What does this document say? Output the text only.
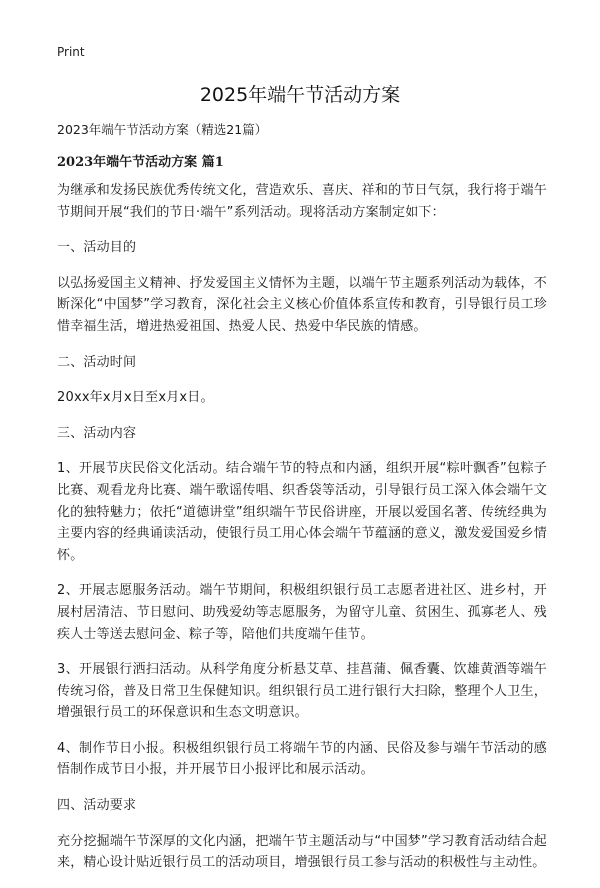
Print
2025年端午节活动方案
2023年端午节活动方案（精选21篇）
2023年端午节活动方案 篇1

为继承和发扬民族优秀传统文化，营造欢乐、喜庆、祥和的节日气氛，我行将于端午节期间开展“我们的节日·端午”系列活动。现将活动方案制定如下：

一、活动目的

以弘扬爱国主义精神、抒发爱国主义情怀为主题，以端午节主题系列活动为载体，不断深化“中国梦”学习教育，深化社会主义核心价值体系宣传和教育，引导银行员工珍惜幸福生活，增进热爱祖国、热爱人民、热爱中华民族的情感。

二、活动时间

20xx年x月x日至x月x日。

三、活动内容

1、开展节庆民俗文化活动。结合端午节的特点和内涵，组织开展“粽叶飘香”包粽子比赛、观看龙舟比赛、端午歌谣传唱、织香袋等活动，引导银行员工深入体会端午文化的独特魅力；依托“道德讲堂”组织端午节民俗讲座，开展以爱国名著、传统经典为主要内容的经典诵读活动，使银行员工用心体会端午节蕴涵的意义，激发爱国爱乡情怀。

2、开展志愿服务活动。端午节期间，积极组织银行员工志愿者进社区、进乡村，开展村居清洁、节日慰问、助残爱幼等志愿服务，为留守儿童、贫困生、孤寡老人、残疾人士等送去慰问金、粽子等，陪他们共度端午佳节。

3、开展银行洒扫活动。从科学角度分析悬艾草、挂菖蒲、佩香囊、饮雄黄酒等端午传统习俗，普及日常卫生保健知识。组织银行员工进行银行大扫除，整理个人卫生，增强银行员工的环保意识和生态文明意识。

4、制作节日小报。积极组织银行员工将端午节的内涵、民俗及参与端午节活动的感悟制作成节日小报，并开展节日小报评比和展示活动。

四、活动要求

充分挖掘端午节深厚的文化内涵，把端午节主题活动与“中国梦”学习教育活动结合起来，精心设计贴近银行员工的活动项目，增强银行员工参与活动的积极性与主动性。
